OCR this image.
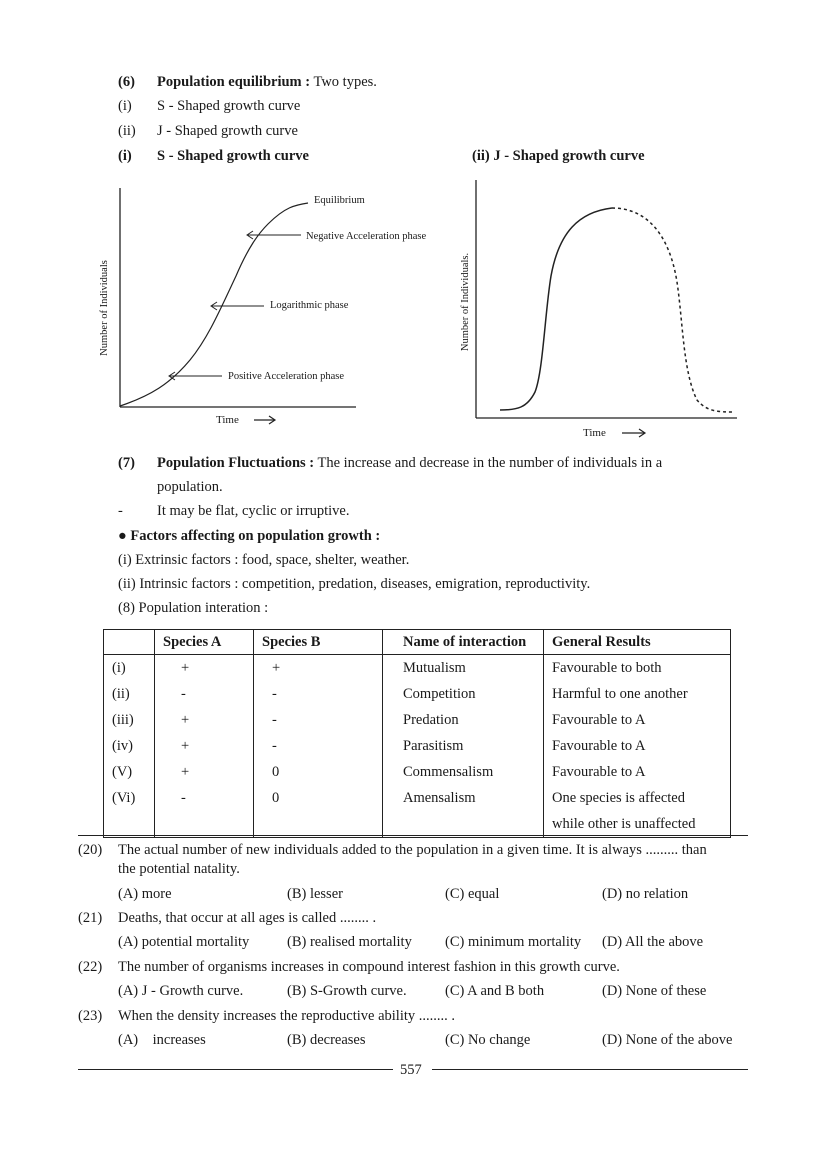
(6) Population equilibrium : Two types.
(i) S - Shaped growth curve
(ii) J - Shaped growth curve
(i) S - Shaped growth curve	(ii) J - Shaped growth curve
Number of Individuals
Time
Equilibrium
Negative Acceleration phase
Logarithmic phase
Positive Acceleration phase
Number of Individuals.
Time
(7) Population Fluctuations : The increase and decrease in the number of individuals in a
population.
- It may be flat, cyclic or irruptive.
● Factors affecting on population growth :
(i) Extrinsic factors : food, space, shelter, weather.
(ii) Intrinsic factors : competition, predation, diseases, emigration, reproductivity.
(8) Population interation :
	Species A	Species B	Name of interaction	General Results
(i)	+	+	Mutualism	Favourable to both
(ii)	-	-	Competition	Harmful to one another
(iii)	+	-	Predation	Favourable to A
(iv)	+	-	Parasitism	Favourable to A
(V)	+	0	Commensalism	Favourable to A
(Vi)	-	0	Amensalism	One species is affected
				while other is unaffected
(20) The actual number of new individuals added to the population in a given time. It is always ......... than
the potential natality.
(A) more	(B) lesser	(C) equal	(D) no relation
(21) Deaths, that occur at all ages is called ........ .
(A) potential mortality	(B) realised mortality (C) minimum mortality (D) All the above
(22) The number of organisms increases in compound interest fashion in this growth curve.
(A) J - Growth curve.	(B) S-Growth curve.	(C) A and B both	(D) None of these
(23) When the density increases the reproductive ability ........ .
(A)    increases	(B) decreases	(C) No change	(D) None of the above
557
